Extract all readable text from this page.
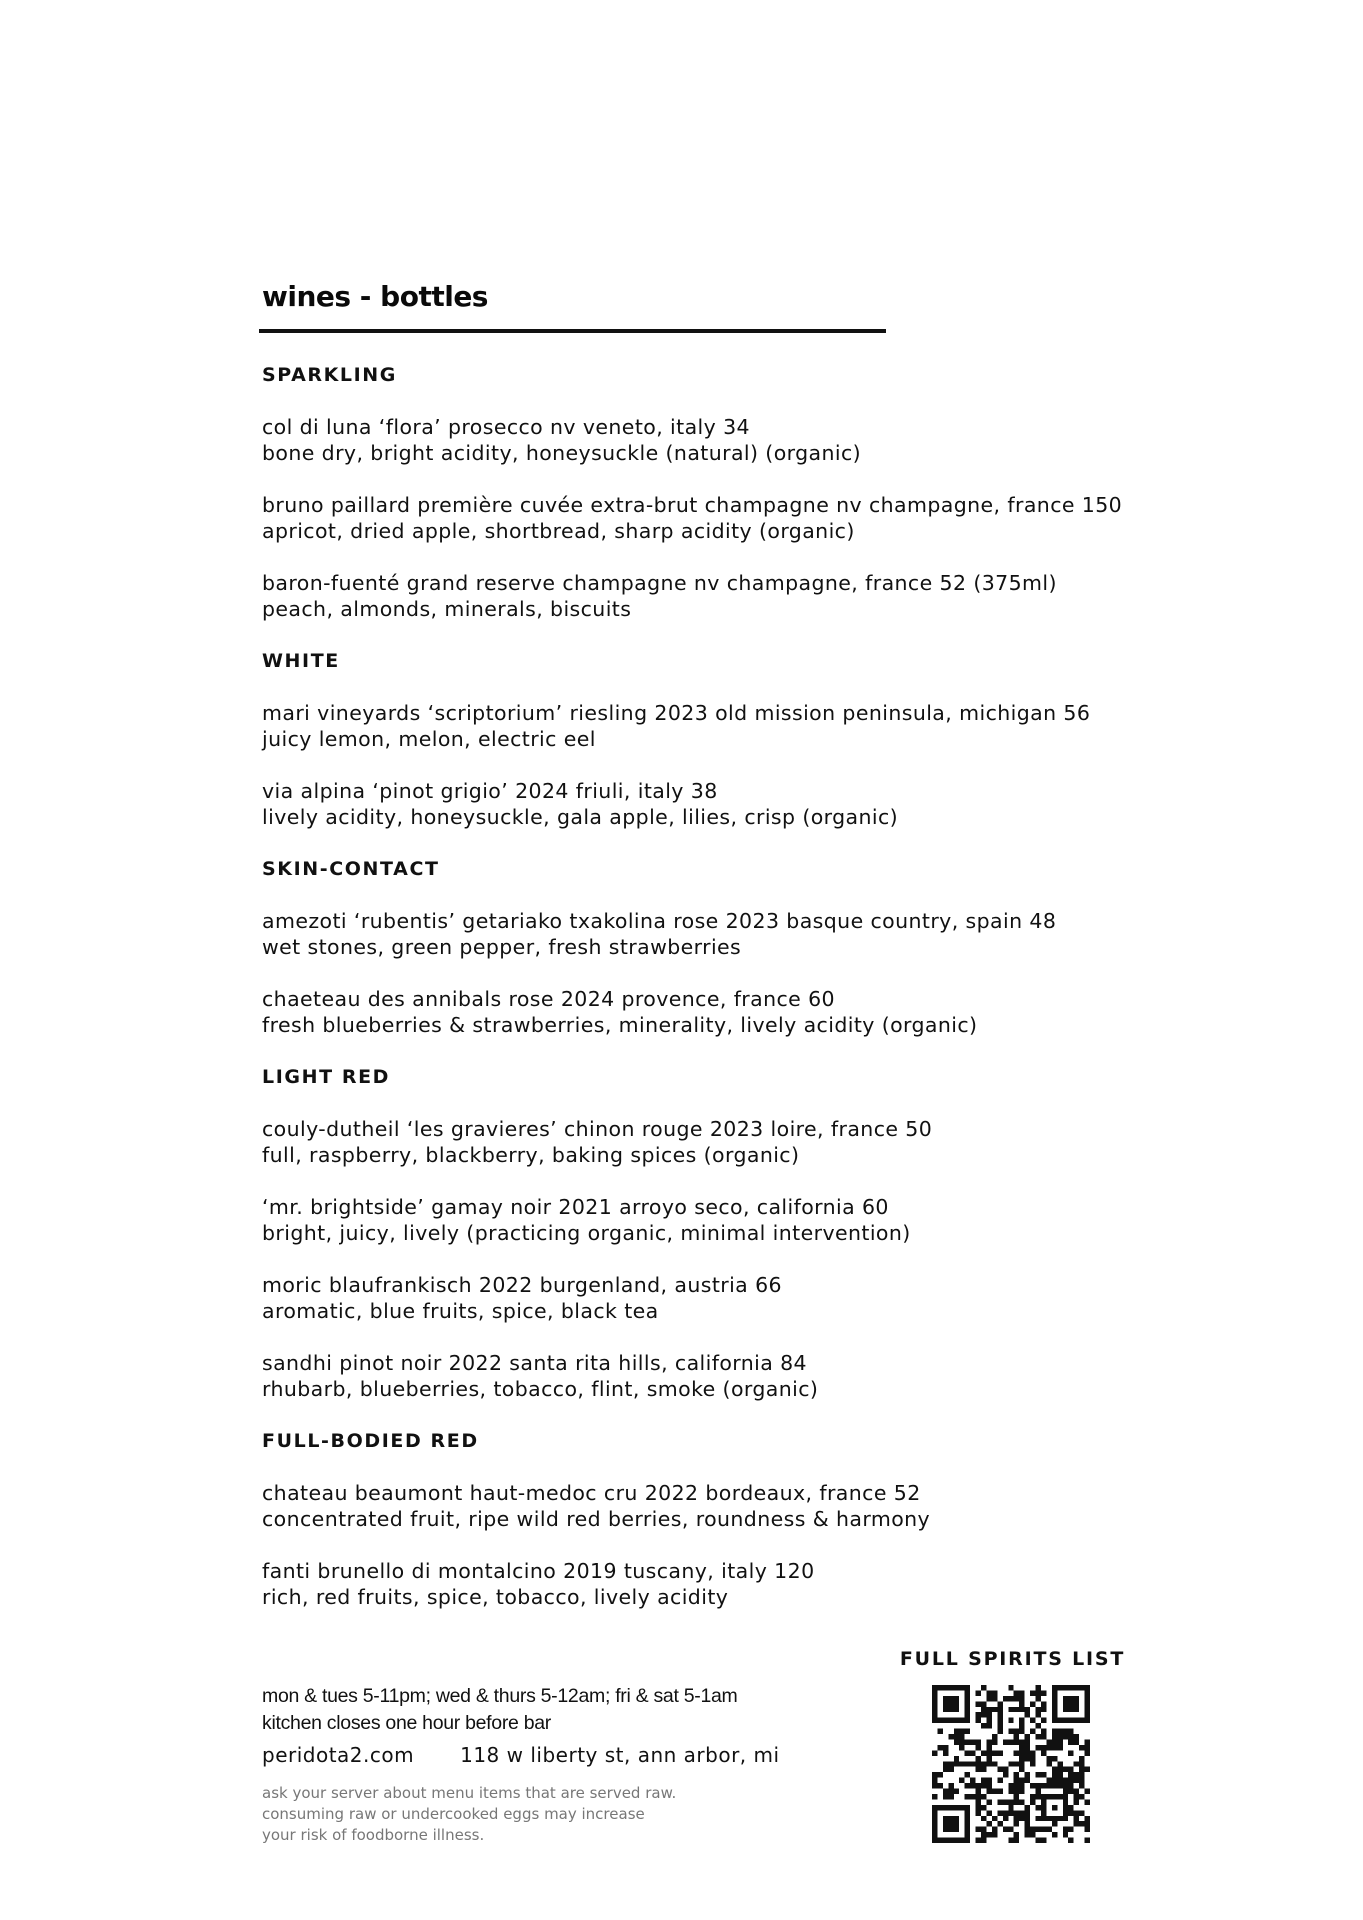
wines - bottles
SPARKLING
col di luna ‘flora’ prosecco nv veneto, italy 34
bone dry, bright acidity, honeysuckle (natural) (organic)
bruno paillard première cuvée extra-brut champagne nv champagne, france 150
apricot, dried apple, shortbread, sharp acidity (organic)
baron-fuenté grand reserve champagne nv champagne, france 52 (375ml)
peach, almonds, minerals, biscuits
WHITE
mari vineyards ‘scriptorium’ riesling 2023 old mission peninsula, michigan 56
juicy lemon, melon, electric eel
via alpina ‘pinot grigio’ 2024 friuli, italy 38
lively acidity, honeysuckle, gala apple, lilies, crisp (organic)
SKIN-CONTACT
amezoti ‘rubentis’ getariako txakolina rose 2023 basque country, spain 48
wet stones, green pepper, fresh strawberries
chaeteau des annibals rose 2024 provence, france 60
fresh blueberries & strawberries, minerality, lively acidity (organic)
LIGHT RED
couly-dutheil ‘les gravieres’ chinon rouge 2023 loire, france 50
full, raspberry, blackberry, baking spices (organic)
‘mr. brightside’ gamay noir 2021 arroyo seco, california 60
bright, juicy, lively (practicing organic, minimal intervention)
moric blaufrankisch 2022 burgenland, austria 66
aromatic, blue fruits, spice, black tea
sandhi pinot noir 2022 santa rita hills, california 84
rhubarb, blueberries, tobacco, flint, smoke (organic)
FULL-BODIED RED
chateau beaumont haut-medoc cru 2022 bordeaux, france 52
concentrated fruit, ripe wild red berries, roundness & harmony
fanti brunello di montalcino 2019 tuscany, italy 120
rich, red fruits, spice, tobacco, lively acidity
mon & tues 5-11pm; wed & thurs 5-12am; fri & sat 5-1am
kitchen closes one hour before bar
peridota2.com 118 w liberty st, ann arbor, mi
ask your server about menu items that are served raw.
consuming raw or undercooked eggs may increase
your risk of foodborne illness.
FULL SPIRITS LIST
